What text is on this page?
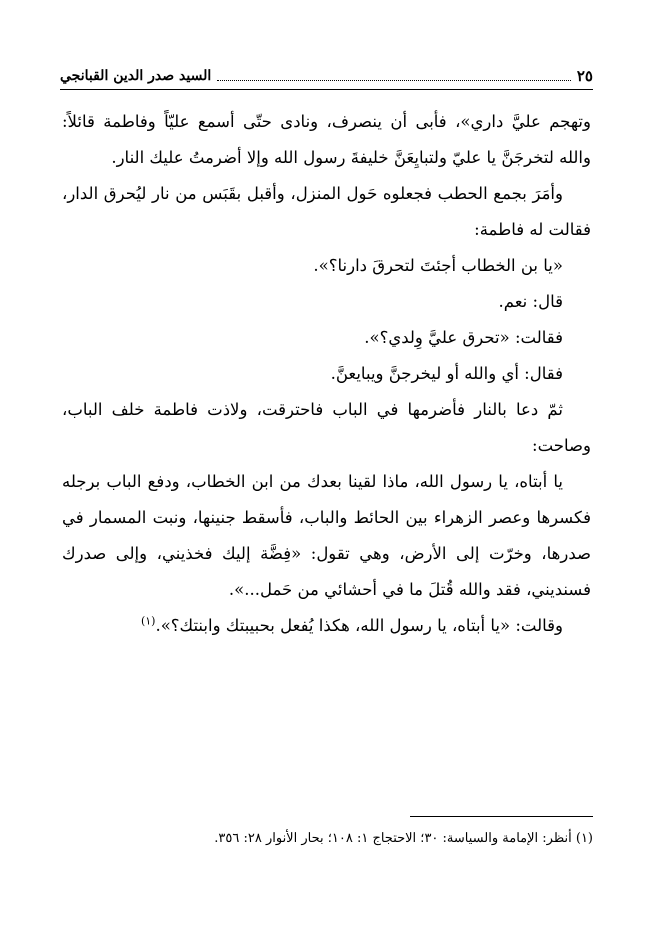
٢٥
السيد صدر الدين القبانجي

وتهجم عليَّ داري»، فأبى أن ينصرف، ونادى حتّى أسمع عليّاً وفاطمة قائلاً: والله لتخرجَنَّ يا عليّ ولتبايِعَنَّ خليفةَ رسول الله وإلا أضرمتُ عليك النار.

وأمَرَ بجمع الحطب فجعلوه حَول المنزل، وأقبل بقَبَس من نار ليُحرق الدار، فقالت له فاطمة:

«يا بن الخطاب أجئتَ لتحرقَ دارنا؟».

قال: نعم.

فقالت: «تحرق عليَّ وِلدي؟».

فقال: أي والله أو ليخرجنَّ ويبايعنَّ.

ثمّ دعا بالنار فأضرمها في الباب فاحترقت، ولاذت فاطمة خلف الباب، وصاحت:

يا أبتاه، يا رسول الله، ماذا لقينا بعدك من ابن الخطاب، ودفع الباب برجله فكسرها وعصر الزهراء بين الحائط والباب، فأسقط جنينها، ونبت المسمار في صدرها، وخرّت إلى الأرض، وهي تقول: «فِضَّة إليك فخذيني، وإلى صدرك فسنديني، فقد والله قُتلَ ما في أحشائي من حَمل...».

وقالت: «يا أبتاه، يا رسول الله، هكذا يُفعل بحبيبتك وابنتك؟».$^{(١)}$

(١) أنظر: الإمامة والسياسة: ٣٠؛ الاحتجاج ١: ١٠٨؛ بحار الأنوار ٢٨: ٣٥٦.
